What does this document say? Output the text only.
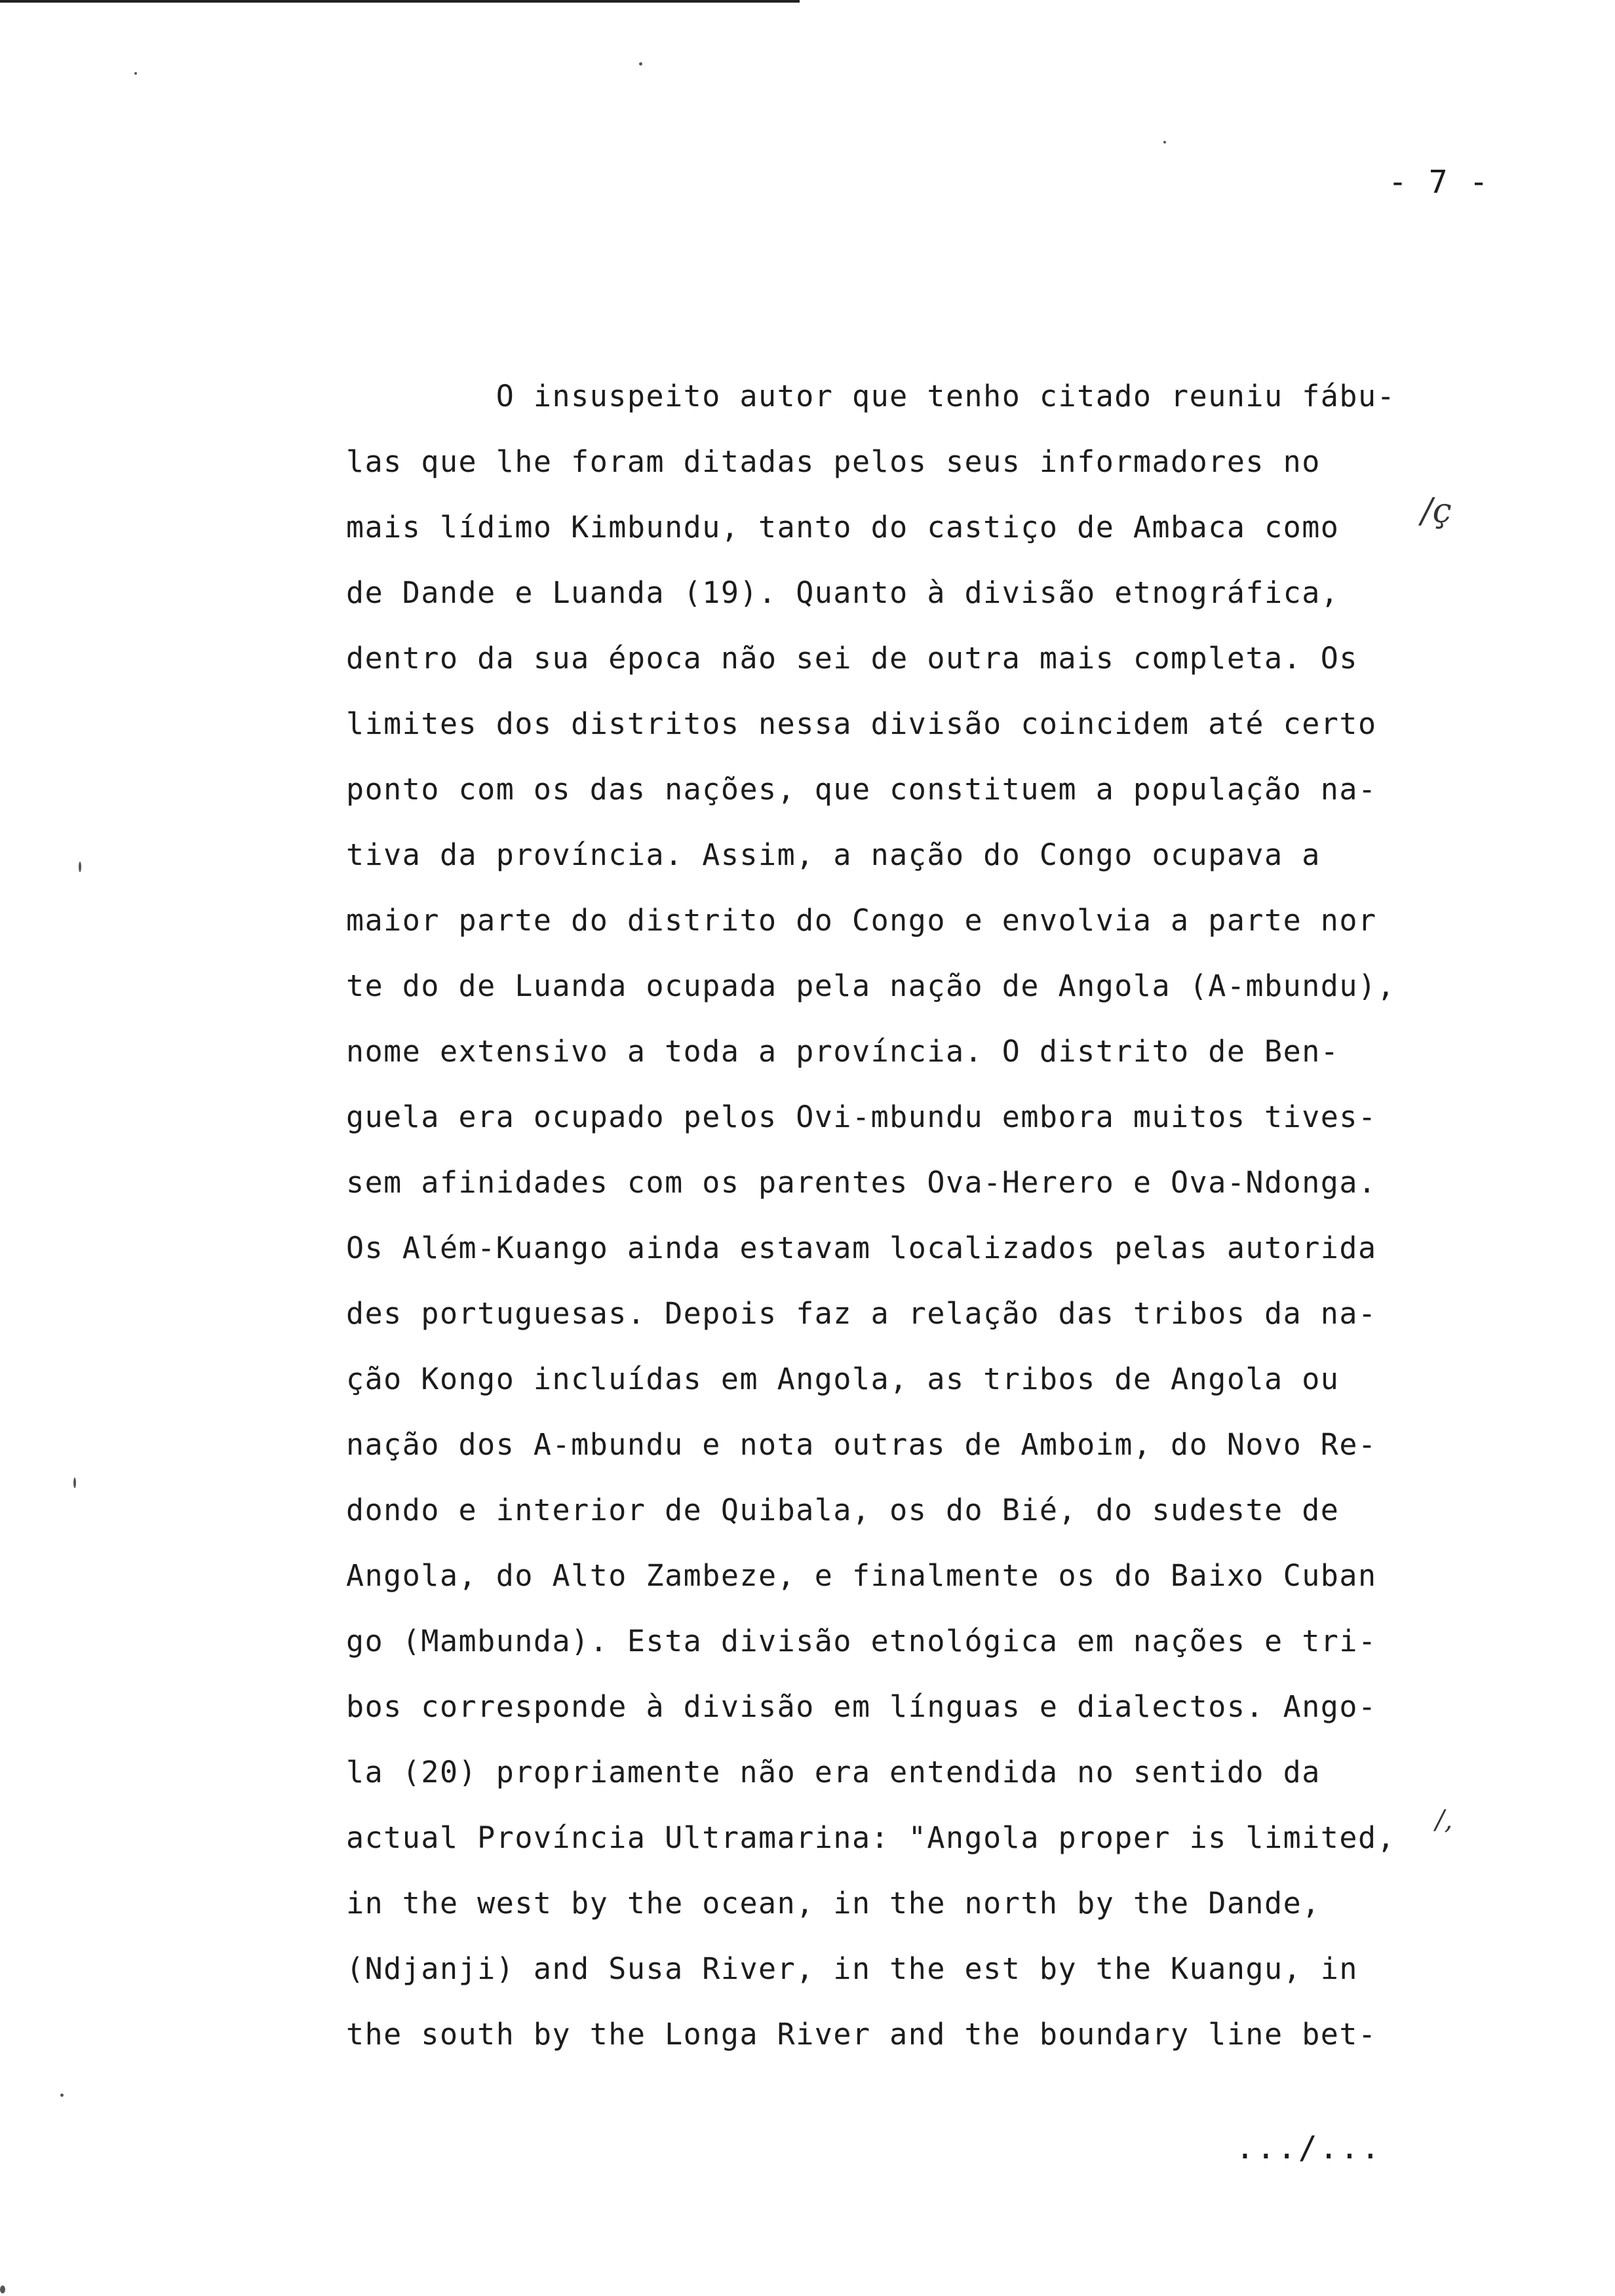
- 7 -
O insuspeito autor que tenho citado reuniu fábu-
las que lhe foram ditadas pelos seus informadores no
mais lídimo Kimbundu, tanto do castiço de Ambaca como
de Dande e Luanda (19). Quanto à divisão etnográfica,
dentro da sua época não sei de outra mais completa. Os
limites dos distritos nessa divisão coincidem até certo
ponto com os das nações, que constituem a população na-
tiva da província. Assim, a nação do Congo ocupava a
maior parte do distrito do Congo e envolvia a parte nor
te do de Luanda ocupada pela nação de Angola (A-mbundu),
nome extensivo a toda a província. O distrito de Ben-
guela era ocupado pelos Ovi-mbundu embora muitos tives-
sem afinidades com os parentes Ova-Herero e Ova-Ndonga.
Os Além-Kuango ainda estavam localizados pelas autorida
des portuguesas. Depois faz a relação das tribos da na-
ção Kongo incluídas em Angola, as tribos de Angola ou
nação dos A-mbundu e nota outras de Amboim, do Novo Re-
dondo e interior de Quibala, os do Bié, do sudeste de
Angola, do Alto Zambeze, e finalmente os do Baixo Cuban
go (Mambunda). Esta divisão etnológica em nações e tri-
bos corresponde à divisão em línguas e dialectos. Ango-
la (20) propriamente não era entendida no sentido da
actual Província Ultramarina: "Angola proper is limited,
in the west by the ocean, in the north by the Dande,
(Ndjanji) and Susa River, in the est by the Kuangu, in
the south by the Longa River and the boundary line bet-
/ç
/,
.../...
